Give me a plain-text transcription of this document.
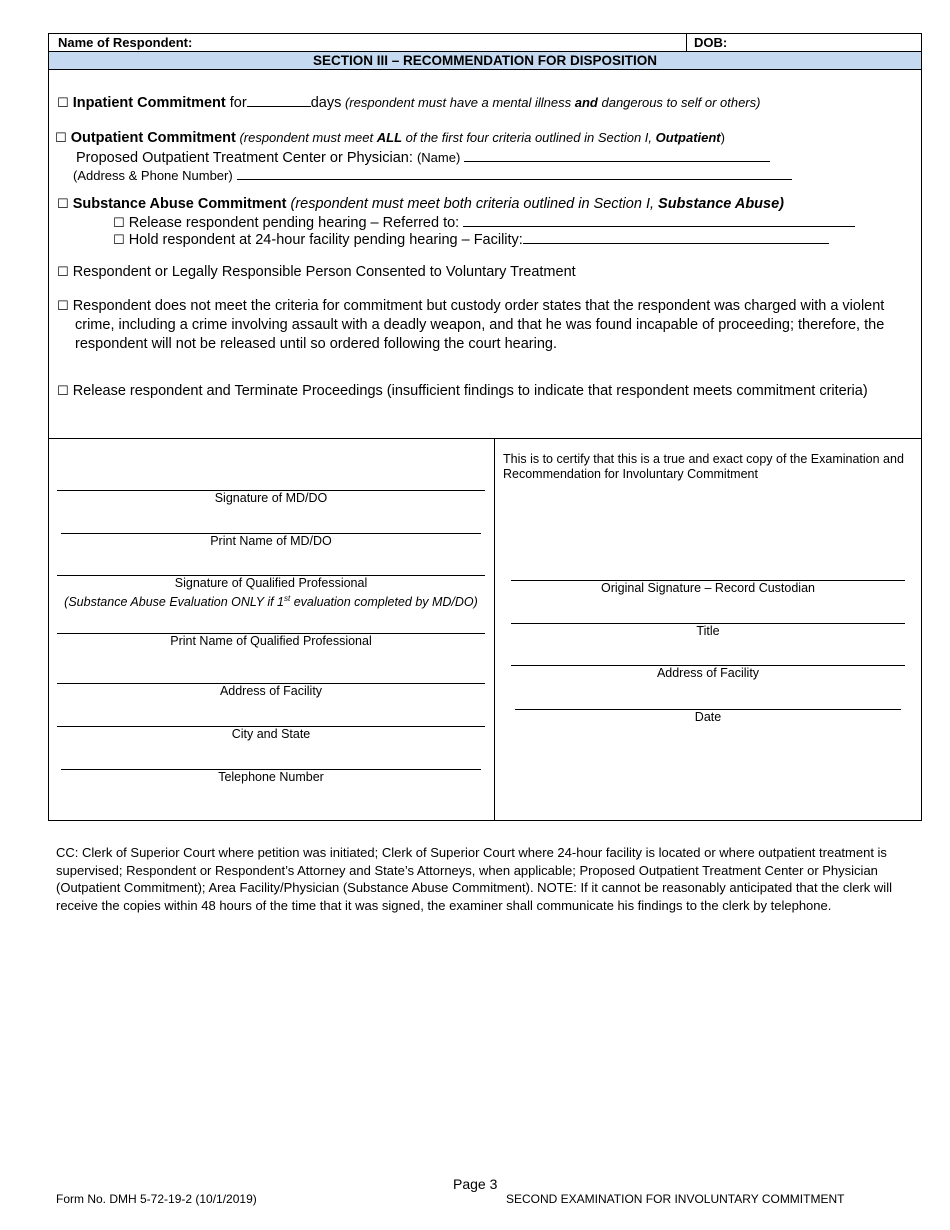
Name of Respondent:	DOB:
SECTION III – RECOMMENDATION FOR DISPOSITION
☐ Inpatient Commitment for	days (respondent must have a mental illness and dangerous to self or others)
☐ Outpatient Commitment (respondent must meet ALL of the first four criteria outlined in Section I, Outpatient)
Proposed Outpatient Treatment Center or Physician: (Name)
(Address & Phone Number)
☐ Substance Abuse Commitment (respondent must meet both criteria outlined in Section I, Substance Abuse)
☐ Release respondent pending hearing – Referred to:
☐ Hold respondent at 24-hour facility pending hearing – Facility:
☐ Respondent or Legally Responsible Person Consented to Voluntary Treatment
☐ Respondent does not meet the criteria for commitment but custody order states that the respondent was charged with a violent crime, including a crime involving assault with a deadly weapon, and that he was found incapable of proceeding; therefore, the respondent will not be released until so ordered following the court hearing.
☐ Release respondent and Terminate Proceedings (insufficient findings to indicate that respondent meets commitment criteria)
Signature of MD/DO
Print Name of MD/DO
Signature of Qualified Professional
(Substance Abuse Evaluation ONLY if 1st evaluation completed by MD/DO)
Print Name of Qualified Professional
Address of Facility
City and State
Telephone Number
This is to certify that this is a true and exact copy of the Examination and Recommendation for Involuntary Commitment
Original Signature – Record Custodian
Title
Address of Facility
Date
CC: Clerk of Superior Court where petition was initiated; Clerk of Superior Court where 24-hour facility is located or where outpatient treatment is supervised; Respondent or Respondent’s Attorney and State’s Attorneys, when applicable; Proposed Outpatient Treatment Center or Physician (Outpatient Commitment); Area Facility/Physician (Substance Abuse Commitment). NOTE: If it cannot be reasonably anticipated that the clerk will receive the copies within 48 hours of the time that it was signed, the examiner shall communicate his findings to the clerk by telephone.
Page 3
Form No. DMH 5-72-19-2 (10/1/2019)	SECOND EXAMINATION FOR INVOLUNTARY COMMITMENT
